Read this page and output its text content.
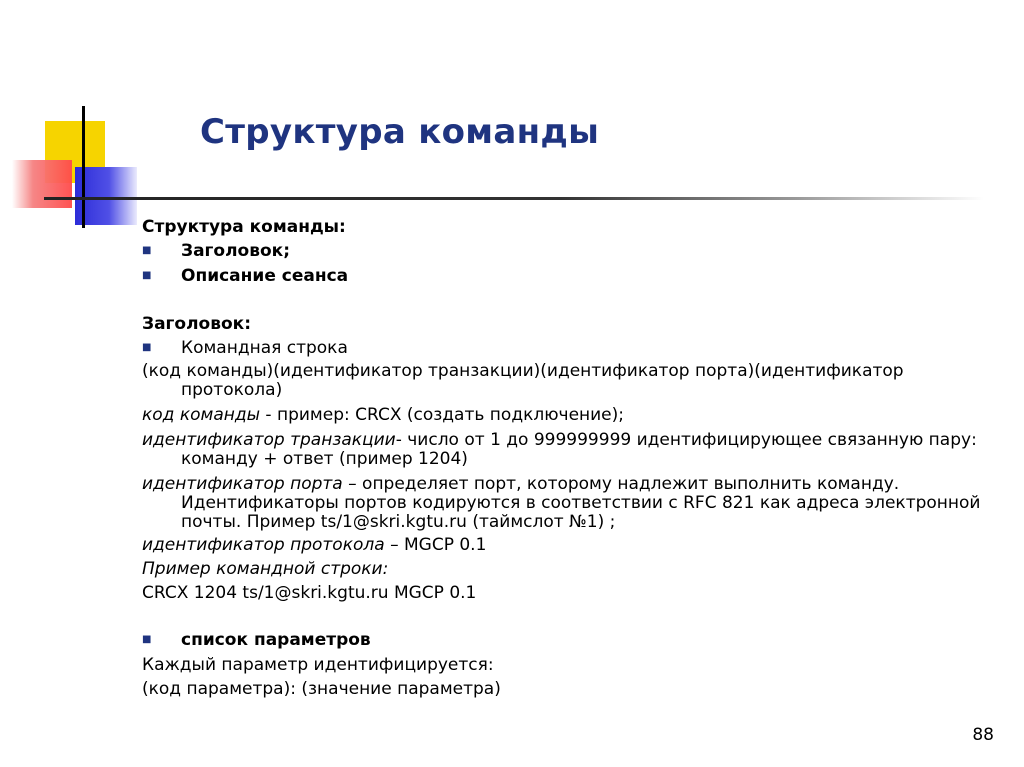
Структура команды
Структура команды:
■ Заголовок;
■ Описание сеанса
Заголовок:
■ Командная строка
(код команды)(идентификатор транзакции)(идентификатор порта)(идентификатор

протокола)
код команды - пример: CRCX (создать подключение);
идентификатор транзакции- число от 1 до 999999999 идентифицирующее связанную пару:

команду + ответ (пример 1204)
идентификатор порта – определяет порт, которому надлежит выполнить команду.

Идентификаторы портов кодируются в соответствии с RFC 821 как адреса электронной
почты. Пример ts/1@skri.kgtu.ru (таймслот №1) ;
идентификатор протокола – MGCP 0.1
Пример командной строки:
CRCX 1204 ts/1@skri.kgtu.ru MGCP 0.1
■ список параметров
Каждый параметр идентифицируется:
(код параметра): (значение параметра)
88
